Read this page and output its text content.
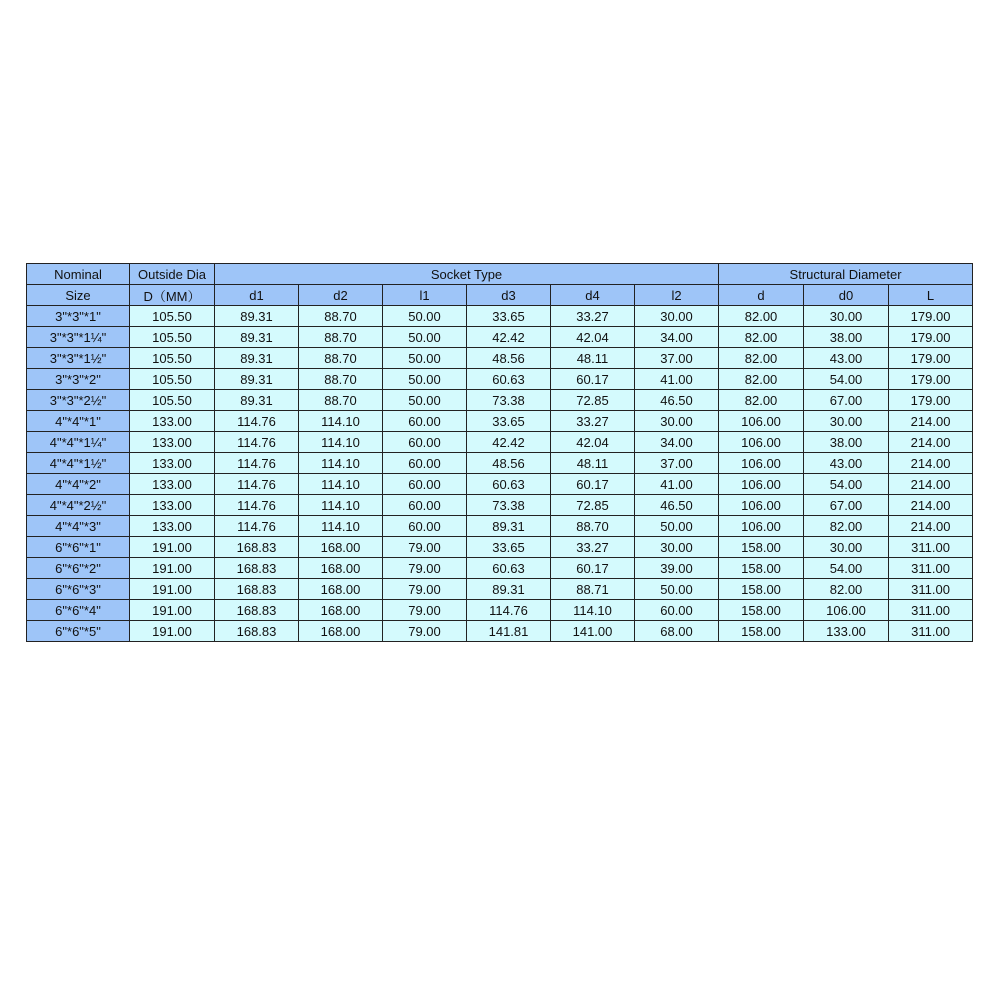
Nominal	Outside Dia	Socket Type						Structural Diameter		
Size	D（MM）	d1	d2	l1	d3	d4	l2	d	d0	L
3"*3"*1"	105.50	89.31	88.70	50.00	33.65	33.27	30.00	82.00	30.00	179.00
3"*3"*1¼"	105.50	89.31	88.70	50.00	42.42	42.04	34.00	82.00	38.00	179.00
3"*3"*1½"	105.50	89.31	88.70	50.00	48.56	48.11	37.00	82.00	43.00	179.00
3"*3"*2"	105.50	89.31	88.70	50.00	60.63	60.17	41.00	82.00	54.00	179.00
3"*3"*2½"	105.50	89.31	88.70	50.00	73.38	72.85	46.50	82.00	67.00	179.00
4"*4"*1"	133.00	114.76	114.10	60.00	33.65	33.27	30.00	106.00	30.00	214.00
4"*4"*1¼"	133.00	114.76	114.10	60.00	42.42	42.04	34.00	106.00	38.00	214.00
4"*4"*1½"	133.00	114.76	114.10	60.00	48.56	48.11	37.00	106.00	43.00	214.00
4"*4"*2"	133.00	114.76	114.10	60.00	60.63	60.17	41.00	106.00	54.00	214.00
4"*4"*2½"	133.00	114.76	114.10	60.00	73.38	72.85	46.50	106.00	67.00	214.00
4"*4"*3"	133.00	114.76	114.10	60.00	89.31	88.70	50.00	106.00	82.00	214.00
6"*6"*1"	191.00	168.83	168.00	79.00	33.65	33.27	30.00	158.00	30.00	311.00
6"*6"*2"	191.00	168.83	168.00	79.00	60.63	60.17	39.00	158.00	54.00	311.00
6"*6"*3"	191.00	168.83	168.00	79.00	89.31	88.71	50.00	158.00	82.00	311.00
6"*6"*4"	191.00	168.83	168.00	79.00	114.76	114.10	60.00	158.00	106.00	311.00
6"*6"*5"	191.00	168.83	168.00	79.00	141.81	141.00	68.00	158.00	133.00	311.00
